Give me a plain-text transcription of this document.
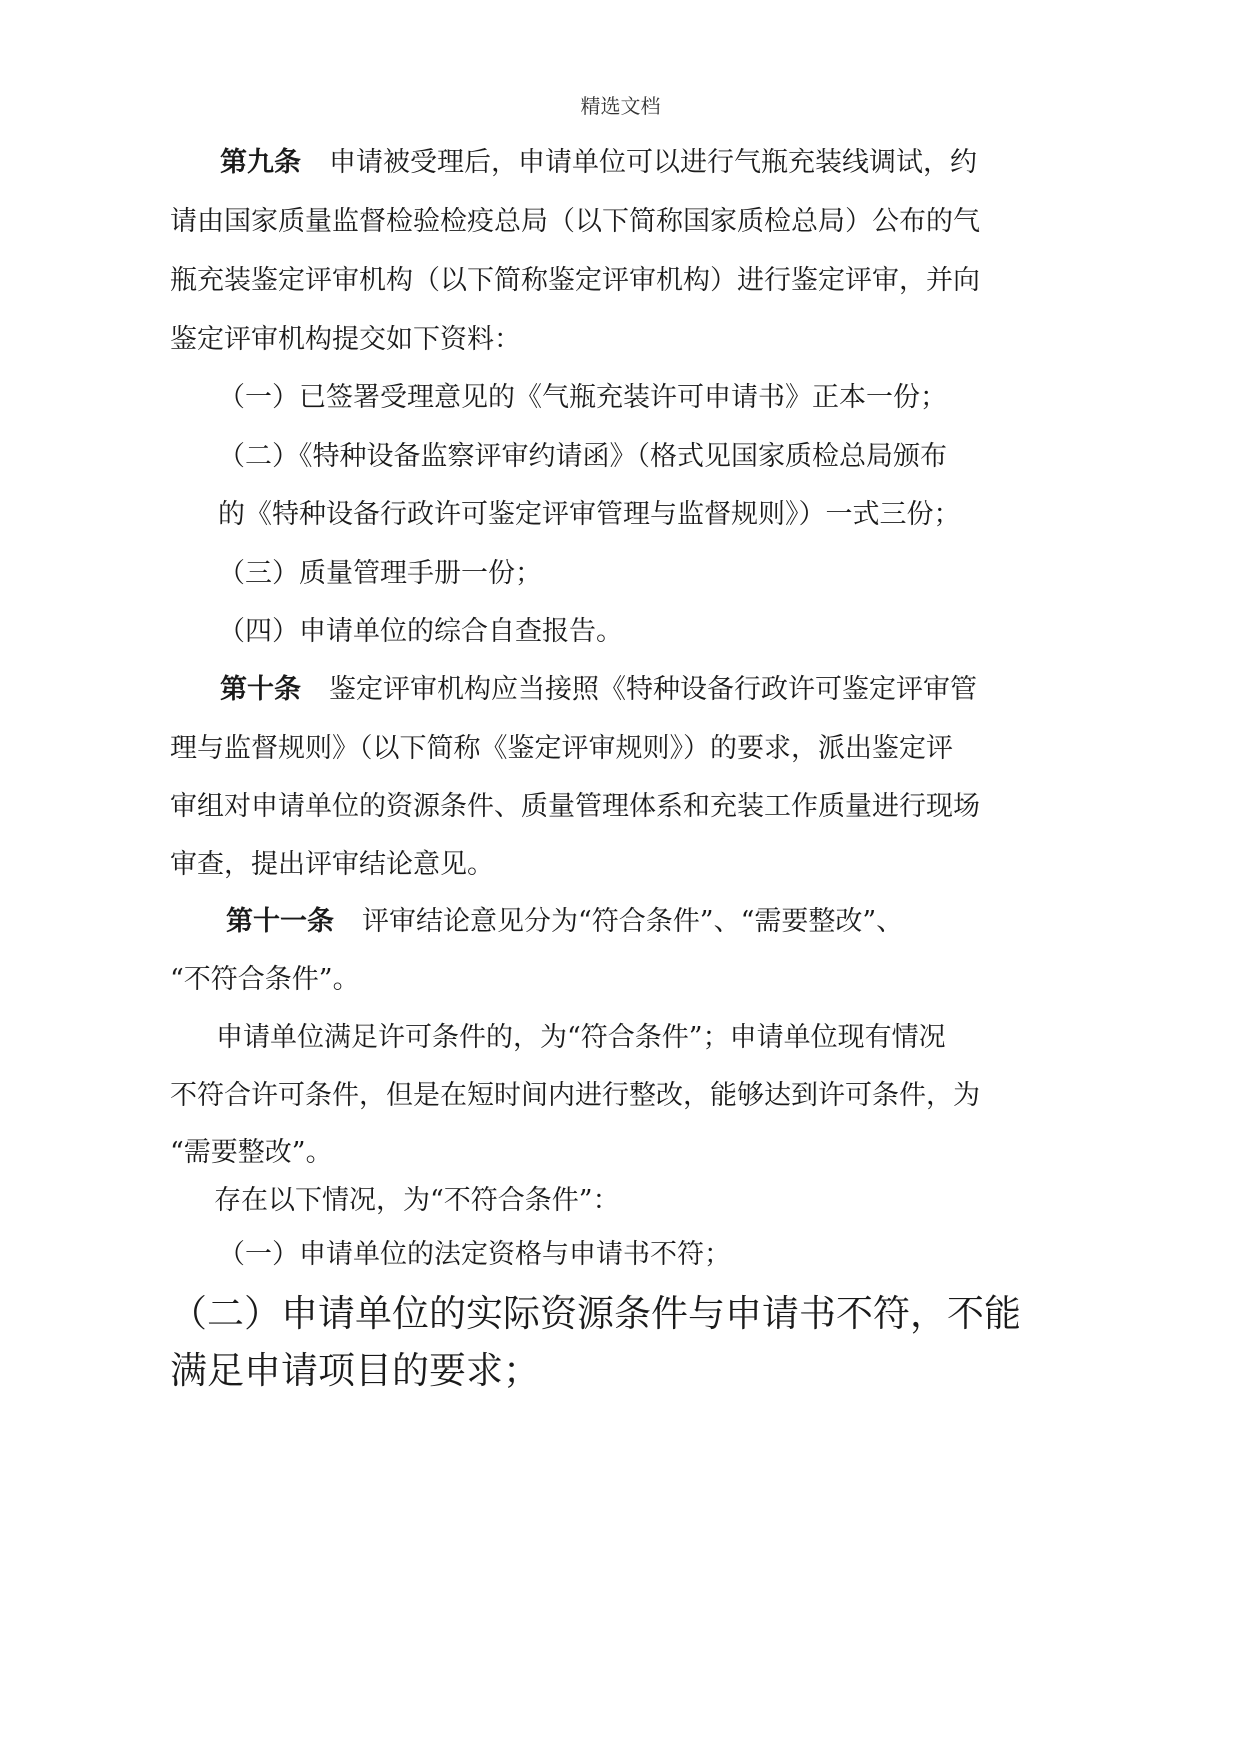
精选文档
第九条 申请被受理后，申请单位可以进行气瓶充装线调试，约
请由国家质量监督检验检疫总局（以下简称国家质检总局）公布的气
瓶充装鉴定评审机构（以下简称鉴定评审机构）进行鉴定评审，并向
鉴定评审机构提交如下资料：
（一）已签署受理意见的《气瓶充装许可申请书》正本一份；
（二）《特种设备监察评审约请函》（格式见国家质检总局颁布
的《特种设备行政许可鉴定评审管理与监督规则》）一式三份；
（三）质量管理手册一份；
（四）申请单位的综合自查报告。
第十条 鉴定评审机构应当接照《特种设备行政许可鉴定评审管
理与监督规则》（以下简称《鉴定评审规则》）的要求，派出鉴定评
审组对申请单位的资源条件、质量管理体系和充装工作质量进行现场
审查，提出评审结论意见。
第十一条 评审结论意见分为“符合条件”、“需要整改”、
“不符合条件”。
申请单位满足许可条件的，为“符合条件”；申请单位现有情况
不符合许可条件，但是在短时间内进行整改，能够达到许可条件，为
“需要整改”。
存在以下情况，为“不符合条件”：
（一）申请单位的法定资格与申请书不符；
（二）申请单位的实际资源条件与申请书不符，不能
满足申请项目的要求；
